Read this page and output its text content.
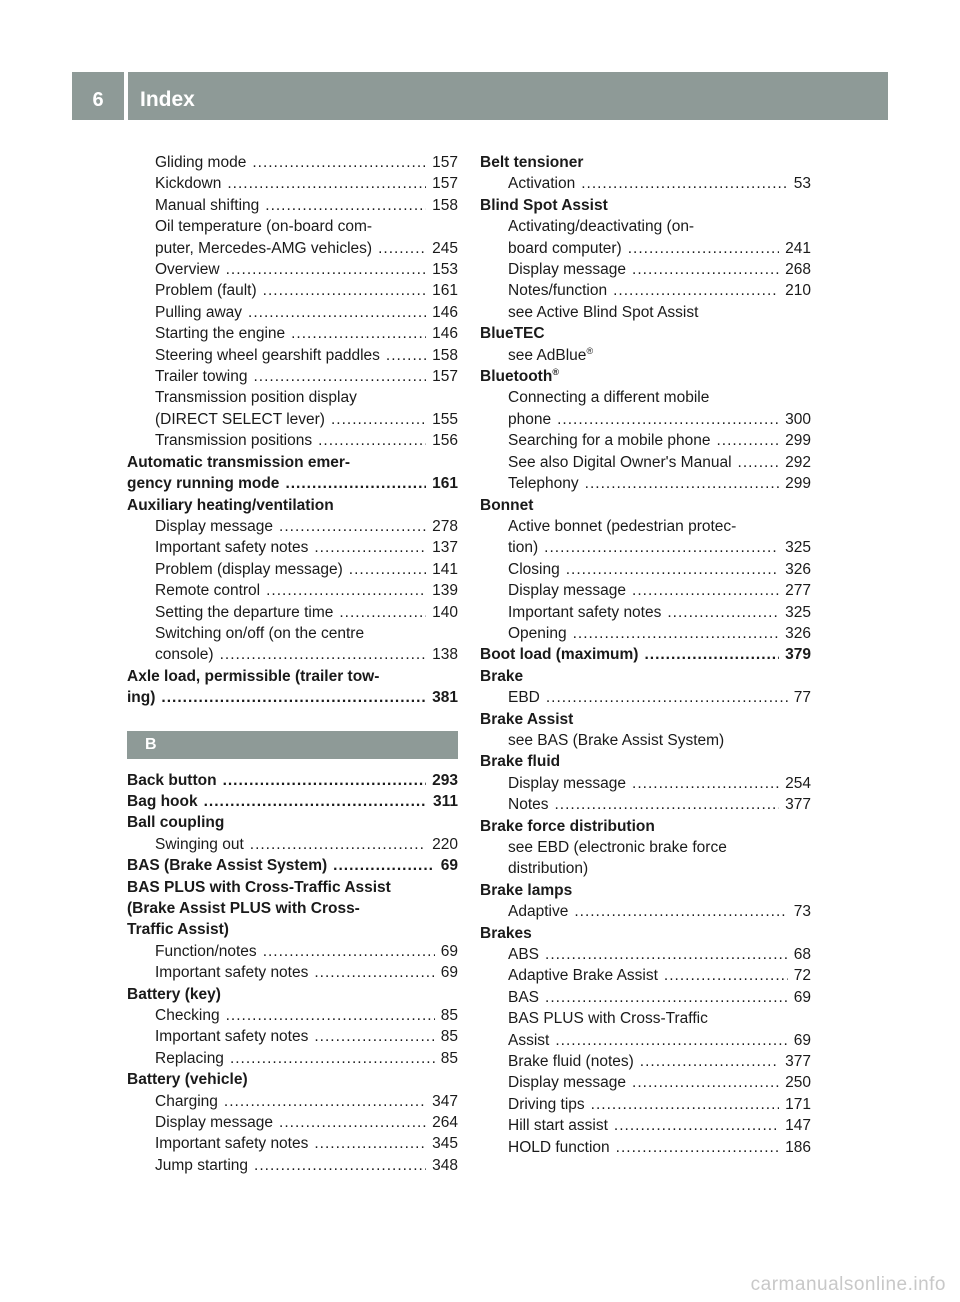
6	Index
Gliding mode .....	157
Kickdown .....	157
Manual shifting .....	158
Oil temperature (on-board com-
puter, Mercedes-AMG vehicles) .....	245
Overview .....	153
Problem (fault) .....	161
Pulling away .....	146
Starting the engine .....	146
Steering wheel gearshift paddles .....	158
Trailer towing .....	157
Transmission position display
(DIRECT SELECT lever) .....	155
Transmission positions .....	156
Automatic transmission emer-
gency running mode .....	161
Auxiliary heating/ventilation
Display message .....	278
Important safety notes .....	137
Problem (display message) .....	141
Remote control .....	139
Setting the departure time .....	140
Switching on/off (on the centre
console) .....	138
Axle load, permissible (trailer tow-
ing) .....	381
B
Back button .....	293
Bag hook .....	311
Ball coupling
Swinging out .....	220
BAS (Brake Assist System) .....	69
BAS PLUS with Cross-Traffic Assist
(Brake Assist PLUS with Cross-
Traffic Assist)
Function/notes .....	69
Important safety notes .....	69
Battery (key)
Checking .....	85
Important safety notes .....	85
Replacing .....	85
Battery (vehicle)
Charging .....	347
Display message .....	264
Important safety notes .....	345
Jump starting .....	348
Belt tensioner
Activation .....	53
Blind Spot Assist
Activating/deactivating (on-
board computer) .....	241
Display message .....	268
Notes/function .....	210
see Active Blind Spot Assist
BlueTEC
see AdBlue®
Bluetooth®
Connecting a different mobile
phone .....	300
Searching for a mobile phone .....	299
See also Digital Owner's Manual .....	292
Telephony .....	299
Bonnet
Active bonnet (pedestrian protec-
tion) .....	325
Closing .....	326
Display message .....	277
Important safety notes .....	325
Opening .....	326
Boot load (maximum) .....	379
Brake
EBD .....	77
Brake Assist
see BAS (Brake Assist System)
Brake fluid
Display message .....	254
Notes .....	377
Brake force distribution
see EBD (electronic brake force
distribution)
Brake lamps
Adaptive .....	73
Brakes
ABS .....	68
Adaptive Brake Assist .....	72
BAS .....	69
BAS PLUS with Cross-Traffic
Assist .....	69
Brake fluid (notes) .....	377
Display message .....	250
Driving tips .....	171
Hill start assist .....	147
HOLD function .....	186
carmanualsonline.info
